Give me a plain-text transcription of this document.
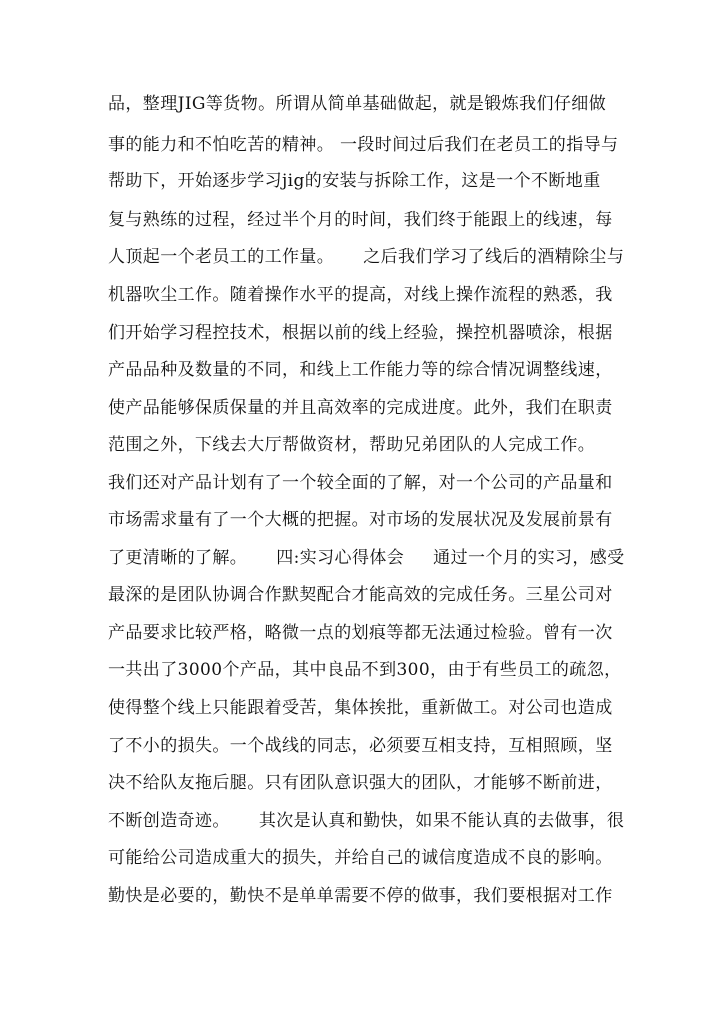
品，整理JIG等货物。所谓从简单基础做起，就是锻炼我们仔细做
事的能力和不怕吃苦的精神。 一段时间过后我们在老员工的指导与
帮助下，开始逐步学习jig的安装与拆除工作，这是一个不断地重
复与熟练的过程，经过半个月的时间，我们终于能跟上的线速，每
人顶起一个老员工的工作量。     之后我们学习了线后的酒精除尘与
机器吹尘工作。随着操作水平的提高，对线上操作流程的熟悉，我
们开始学习程控技术，根据以前的线上经验，操控机器喷涂，根据
产品品种及数量的不同，和线上工作能力等的综合情况调整线速，
使产品能够保质保量的并且高效率的完成进度。此外，我们在职责
范围之外，下线去大厅帮做资材，帮助兄弟团队的人完成工作。
我们还对产品计划有了一个较全面的了解，对一个公司的产品量和
市场需求量有了一个大概的把握。对市场的发展状况及发展前景有
了更清晰的了解。     四:实习心得体会     通过一个月的实习，感受
最深的是团队协调合作默契配合才能高效的完成任务。三星公司对
产品要求比较严格，略微一点的划痕等都无法通过检验。曾有一次
一共出了3000个产品，其中良品不到300，由于有些员工的疏忽，
使得整个线上只能跟着受苦，集体挨批，重新做工。对公司也造成
了不小的损失。一个战线的同志，必须要互相支持，互相照顾，坚
决不给队友拖后腿。只有团队意识强大的团队，才能够不断前进，
不断创造奇迹。     其次是认真和勤快，如果不能认真的去做事，很
可能给公司造成重大的损失，并给自己的诚信度造成不良的影响。
勤快是必要的，勤快不是单单需要不停的做事，我们要根据对工作
